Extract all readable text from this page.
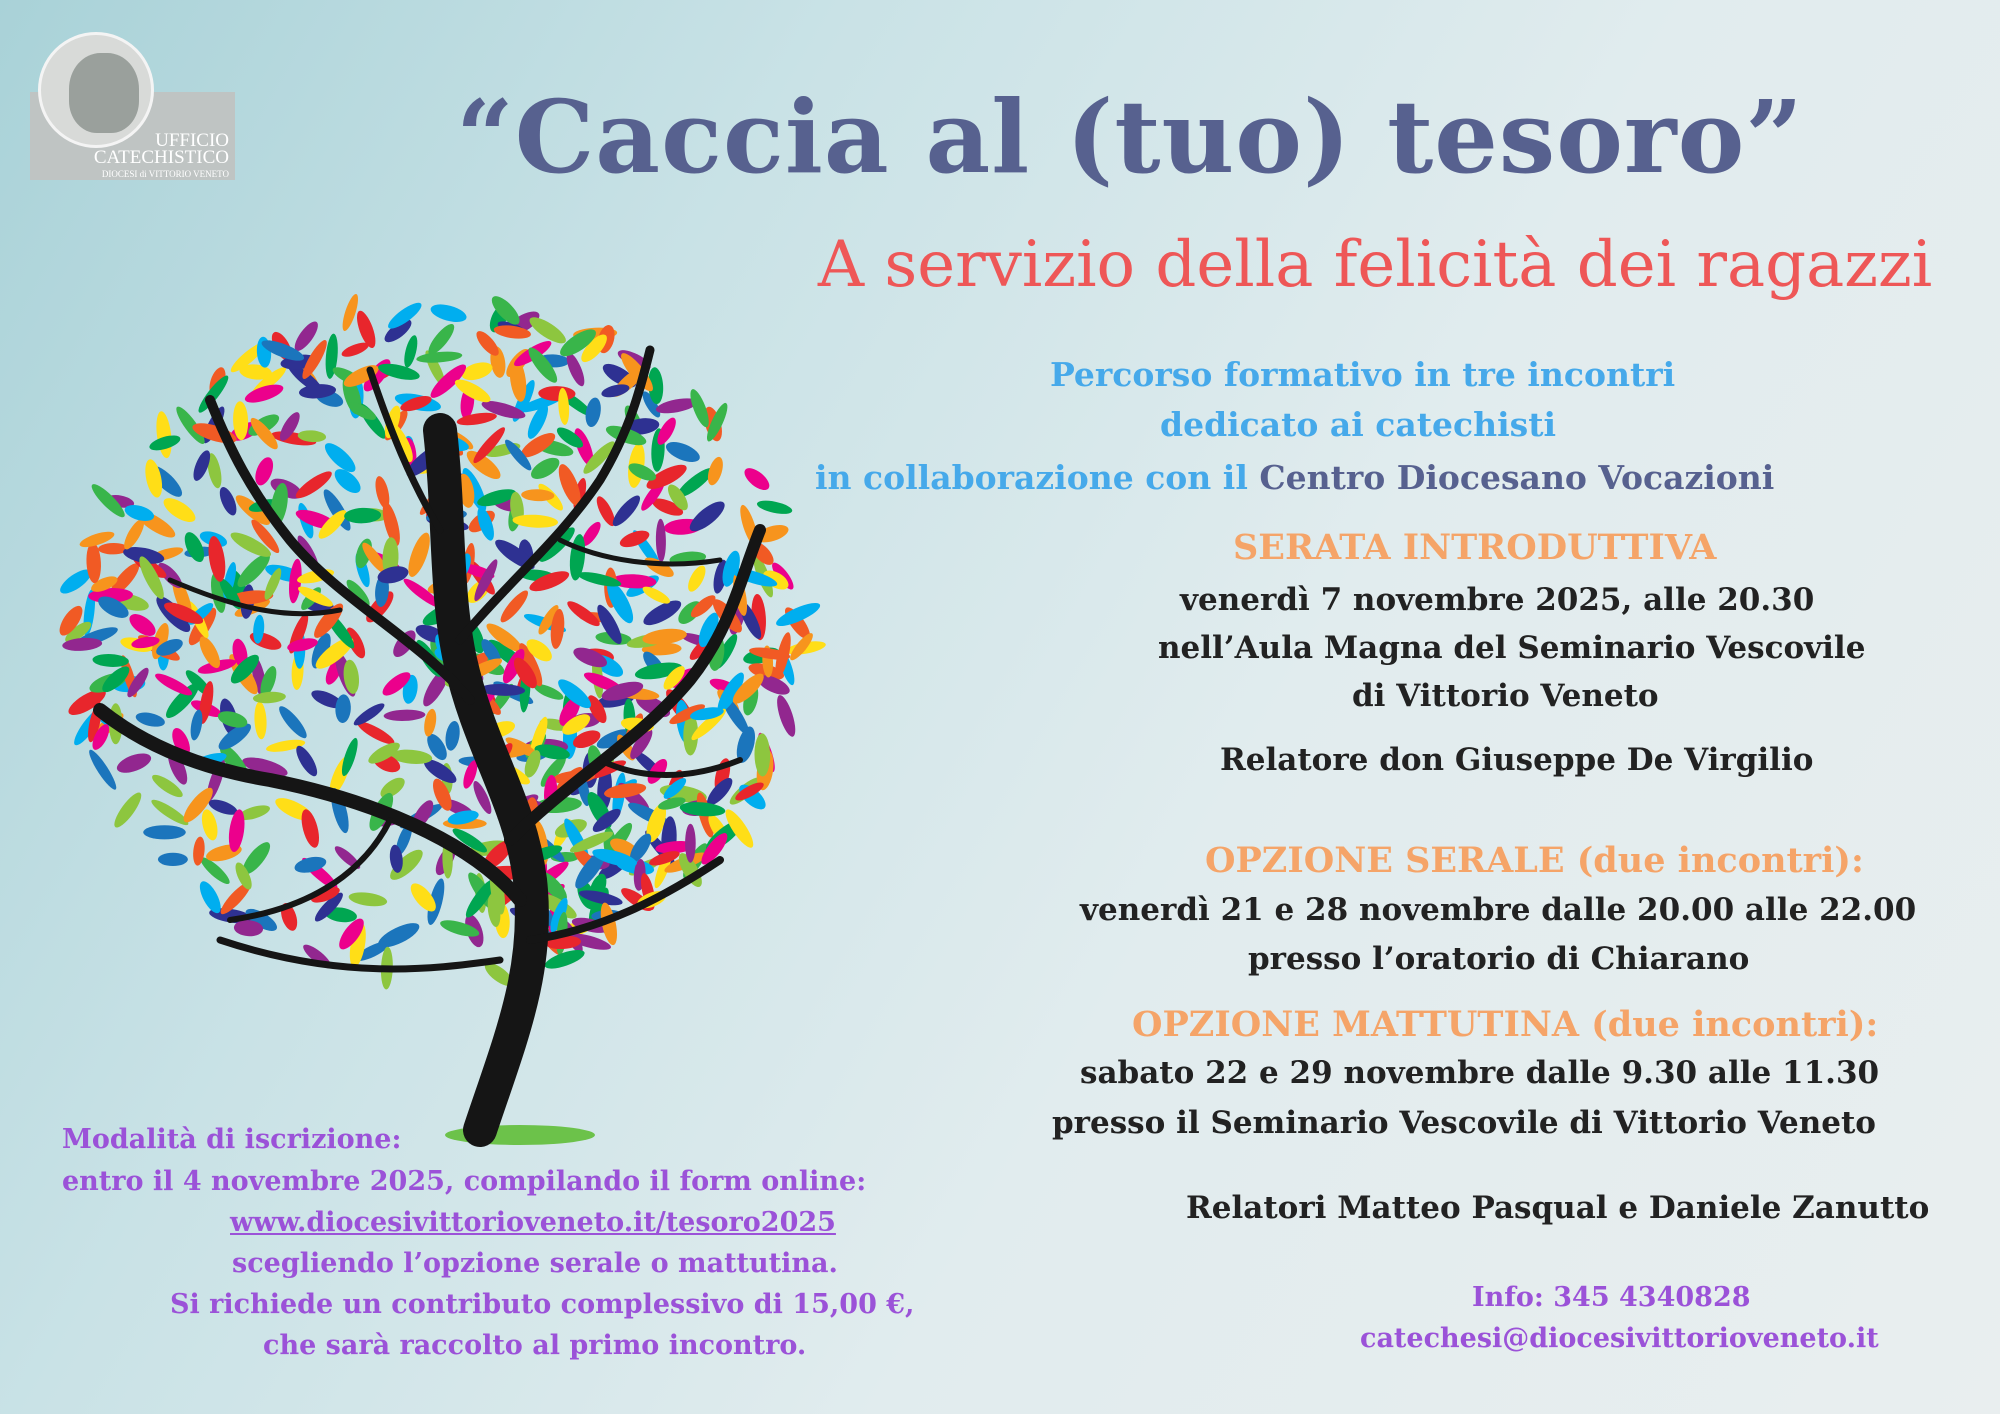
UFFICIO
CATECHISTICO
DIOCESI di VITTORIO VENETO	“Caccia al (tuo) tesoro”
A servizio della felicità dei ragazzi
Percorso formativo in tre incontri
dedicato ai catechisti
in collaborazione con il Centro Diocesano Vocazioni
SERATA INTRODUTTIVA
venerdì 7 novembre 2025, alle 20.30
nell’Aula Magna del Seminario Vescovile
di Vittorio Veneto
Relatore don Giuseppe De Virgilio
OPZIONE SERALE (due incontri):
venerdì 21 e 28 novembre dalle 20.00 alle 22.00
presso l’oratorio di Chiarano
OPZIONE MATTUTINA (due incontri):
sabato 22 e 29 novembre dalle 9.30 alle 11.30
presso il Seminario Vescovile di Vittorio Veneto
Relatori Matteo Pasqual e Daniele Zanutto
Info: 345 4340828
catechesi@diocesivittorioveneto.it
Modalità di iscrizione:
entro il 4 novembre 2025, compilando il form online:
www.diocesivittorioveneto.it/tesoro2025
scegliendo l’opzione serale o mattutina.
Si richiede un contributo complessivo di 15,00 €,
che sarà raccolto al primo incontro.
